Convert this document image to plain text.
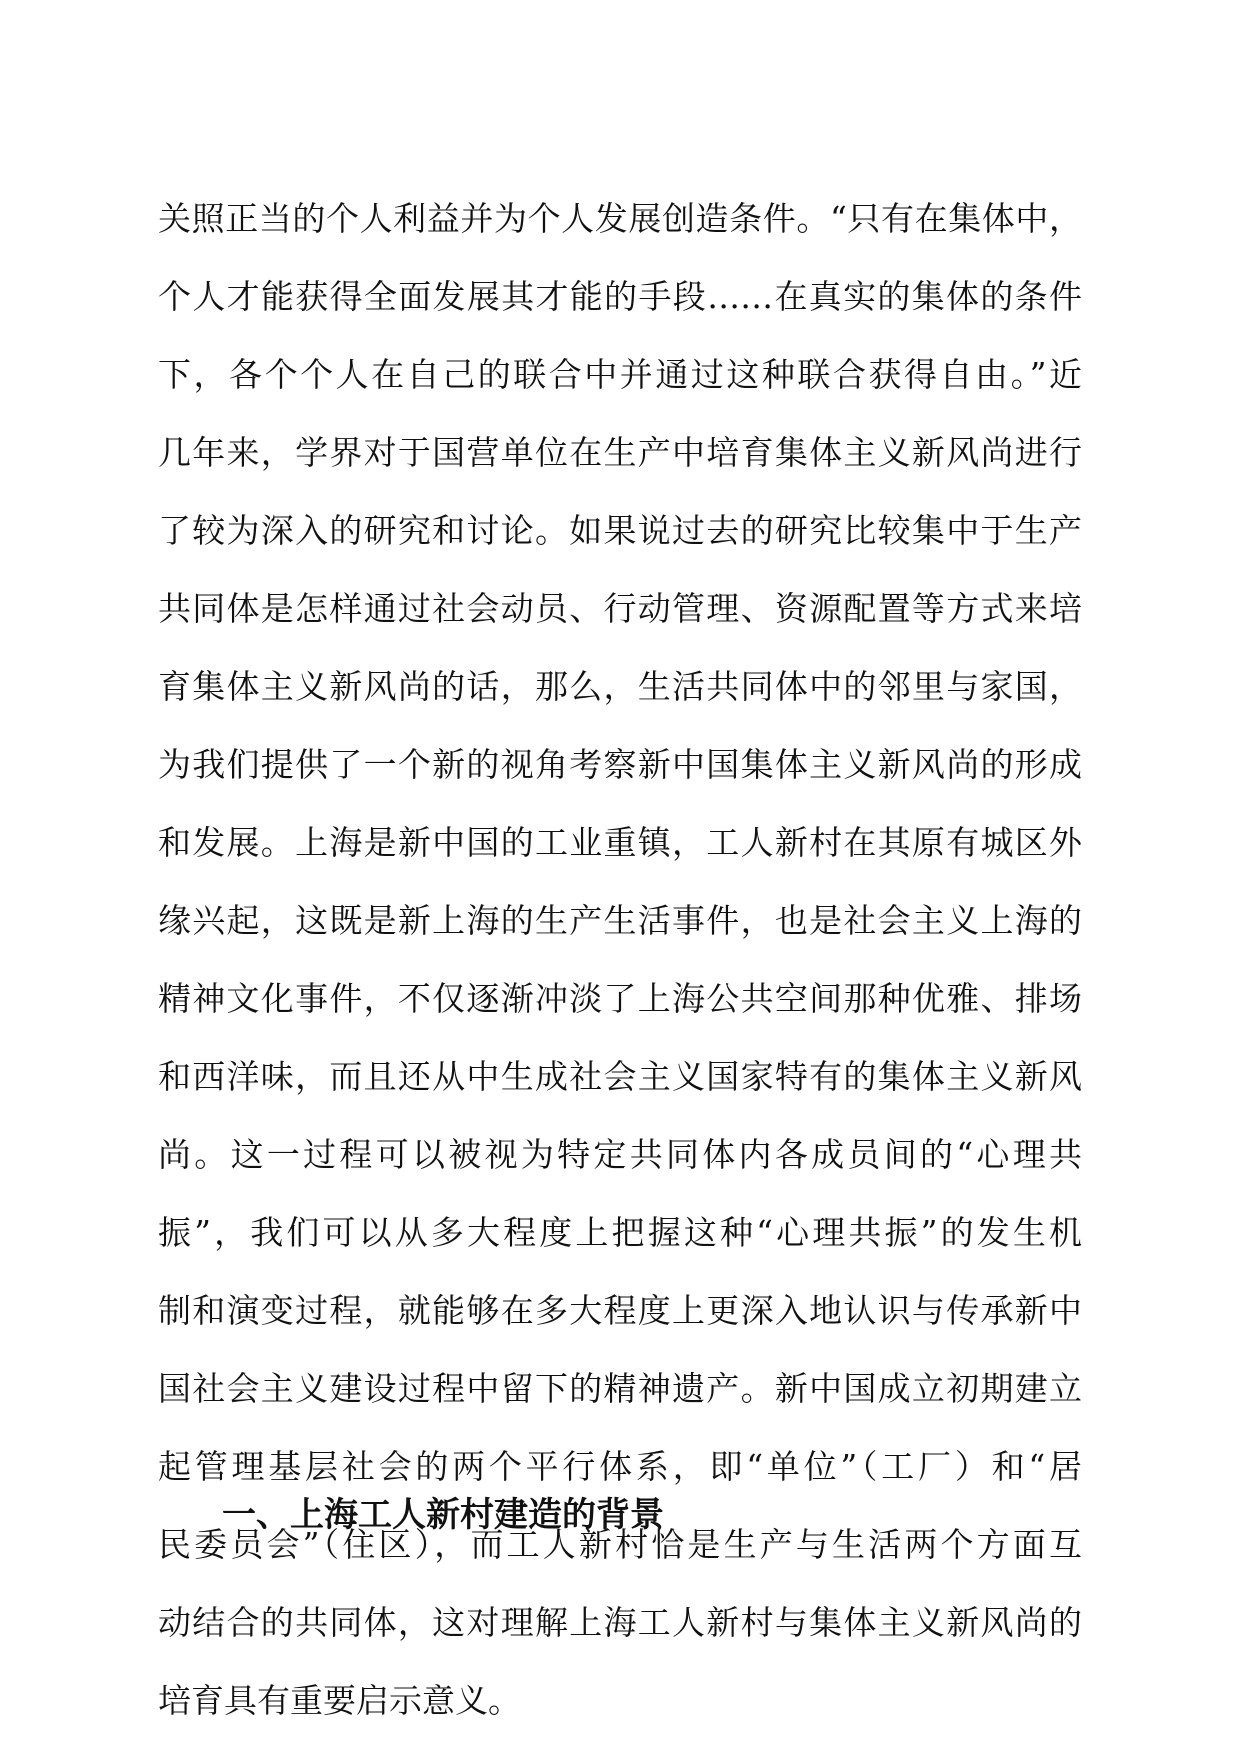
关照正当的个人利益并为个人发展创造条件。“只有在集体中，
个人才能获得全面发展其才能的手段……在真实的集体的条件
下，各个个人在自己的联合中并通过这种联合获得自由。”近
几年来，学界对于国营单位在生产中培育集体主义新风尚进行
了较为深入的研究和讨论。如果说过去的研究比较集中于生产
共同体是怎样通过社会动员、行动管理、资源配置等方式来培
育集体主义新风尚的话，那么，生活共同体中的邻里与家国，
为我们提供了一个新的视角考察新中国集体主义新风尚的形成
和发展。上海是新中国的工业重镇，工人新村在其原有城区外
缘兴起，这既是新上海的生产生活事件，也是社会主义上海的
精神文化事件，不仅逐渐冲淡了上海公共空间那种优雅、排场
和西洋味，而且还从中生成社会主义国家特有的集体主义新风
尚。这一过程可以被视为特定共同体内各成员间的“心理共
振”，我们可以从多大程度上把握这种“心理共振”的发生机
制和演变过程，就能够在多大程度上更深入地认识与传承新中
国社会主义建设过程中留下的精神遗产。新中国成立初期建立
起管理基层社会的两个平行体系，即“单位”（工厂）和“居
民委员会”（住区），而工人新村恰是生产与生活两个方面互
动结合的共同体，这对理解上海工人新村与集体主义新风尚的
培育具有重要启示意义。
一、上海工人新村建造的背景
